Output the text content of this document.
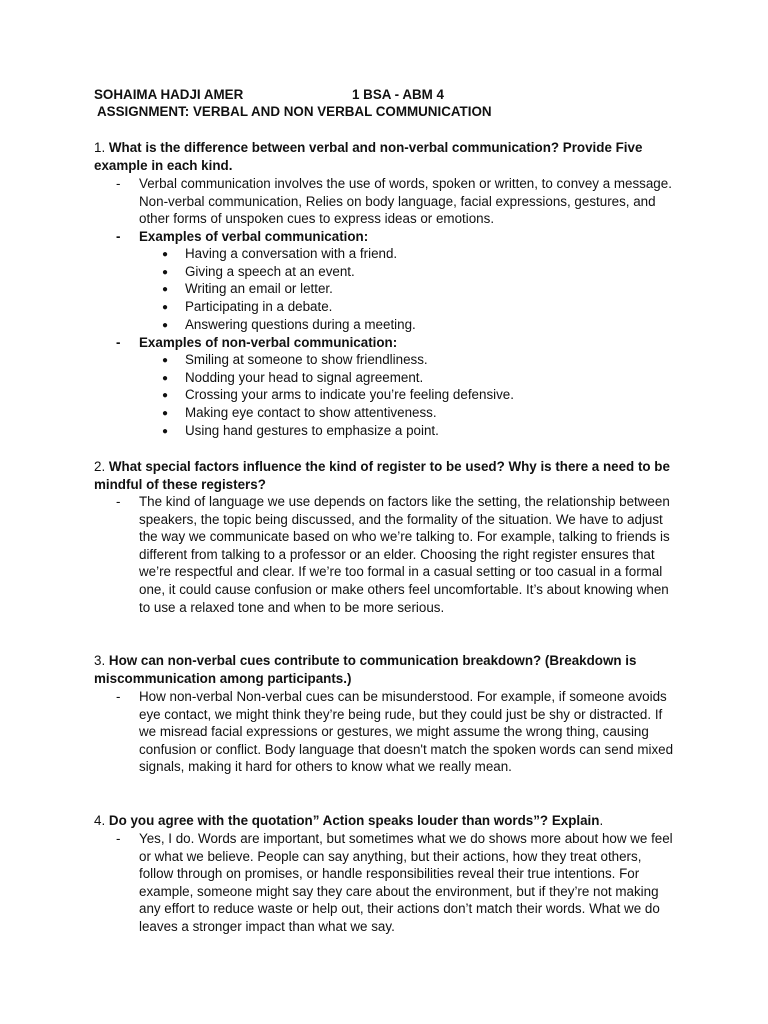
SOHAIMA HADJI AMER	1 BSA - ABM 4
ASSIGNMENT: VERBAL AND NON VERBAL COMMUNICATION
1. What is the difference between verbal and non-verbal communication? Provide Five example in each kind.
- Verbal communication involves the use of words, spoken or written, to convey a message. Non-verbal communication, Relies on body language, facial expressions, gestures, and other forms of unspoken cues to express ideas or emotions.
- Examples of verbal communication:
● Having a conversation with a friend.
● Giving a speech at an event.
● Writing an email or letter.
● Participating in a debate.
● Answering questions during a meeting.
- Examples of non-verbal communication:
● Smiling at someone to show friendliness.
● Nodding your head to signal agreement.
● Crossing your arms to indicate you’re feeling defensive.
● Making eye contact to show attentiveness.
● Using hand gestures to emphasize a point.
2. What special factors influence the kind of register to be used? Why is there a need to be mindful of these registers?
- The kind of language we use depends on factors like the setting, the relationship between speakers, the topic being discussed, and the formality of the situation. We have to adjust the way we communicate based on who we’re talking to. For example, talking to friends is different from talking to a professor or an elder. Choosing the right register ensures that we’re respectful and clear. If we’re too formal in a casual setting or too casual in a formal one, it could cause confusion or make others feel uncomfortable. It’s about knowing when to use a relaxed tone and when to be more serious.
3. How can non-verbal cues contribute to communication breakdown? (Breakdown is miscommunication among participants.)
- How non-verbal Non-verbal cues can be misunderstood. For example, if someone avoids eye contact, we might think they’re being rude, but they could just be shy or distracted. If we misread facial expressions or gestures, we might assume the wrong thing, causing confusion or conflict. Body language that doesn't match the spoken words can send mixed signals, making it hard for others to know what we really mean.
4. Do you agree with the quotation” Action speaks louder than words”? Explain.
- Yes, I do. Words are important, but sometimes what we do shows more about how we feel or what we believe. People can say anything, but their actions, how they treat others, follow through on promises, or handle responsibilities reveal their true intentions. For example, someone might say they care about the environment, but if they’re not making any effort to reduce waste or help out, their actions don’t match their words. What we do leaves a stronger impact than what we say.
